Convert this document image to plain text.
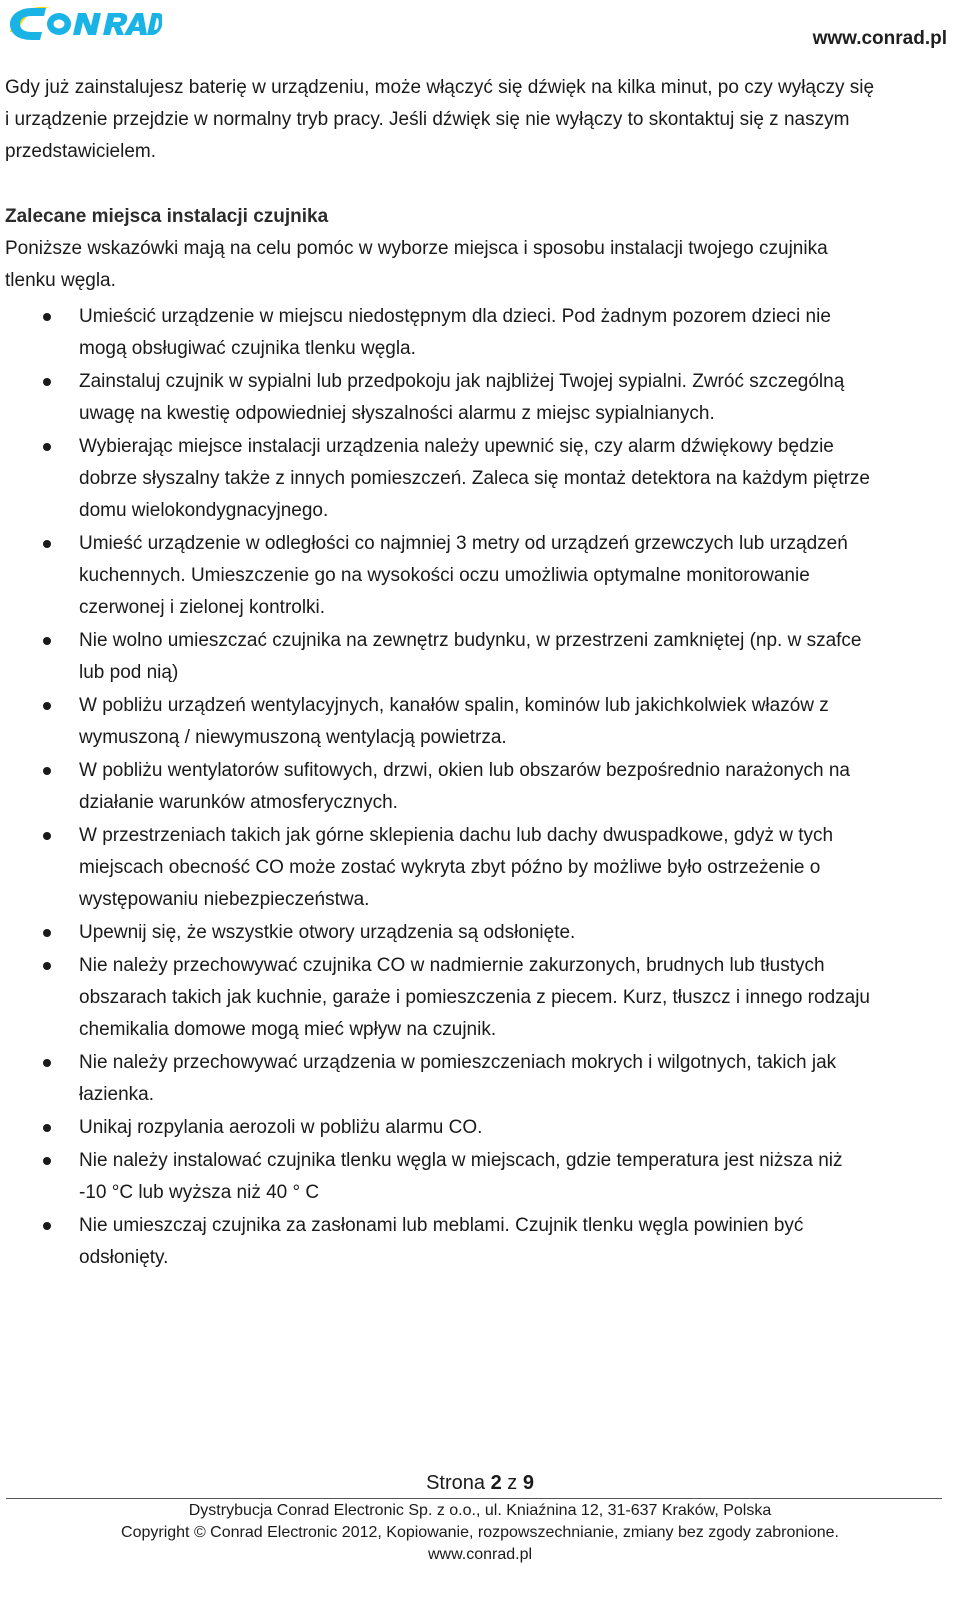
www.conrad.pl

Gdy już zainstalujesz baterię w urządzeniu, może włączyć się dźwięk na kilka minut, po czy wyłączy się

i urządzenie przejdzie w normalny tryb pracy. Jeśli dźwięk się nie wyłączy to skontaktuj się z naszym

przedstawicielem.

Zalecane miejsca instalacji czujnika

Poniższe wskazówki mają na celu pomóc w wyborze miejsca i sposobu instalacji twojego czujnika

tlenku węgla.

Umieścić urządzenie w miejscu niedostępnym dla dzieci. Pod żadnym pozorem dzieci nie
mogą obsługiwać czujnika tlenku węgla.
Zainstaluj czujnik w sypialni lub przedpokoju jak najbliżej Twojej sypialni. Zwróć szczególną
uwagę na kwestię odpowiedniej słyszalności alarmu z miejsc sypialnianych.
Wybierając miejsce instalacji urządzenia należy upewnić się, czy alarm dźwiękowy będzie
dobrze słyszalny także z innych pomieszczeń. Zaleca się montaż detektora na każdym piętrze
domu wielokondygnacyjnego.
Umieść urządzenie w odległości co najmniej 3 metry od urządzeń grzewczych lub urządzeń
kuchennych. Umieszczenie go na wysokości oczu umożliwia optymalne monitorowanie
czerwonej i zielonej kontrolki.
Nie wolno umieszczać czujnika na zewnętrz budynku, w przestrzeni zamkniętej (np. w szafce
lub pod nią)
W pobliżu urządzeń wentylacyjnych, kanałów spalin, kominów lub jakichkolwiek włazów z
wymuszoną / niewymuszoną wentylacją powietrza.
W pobliżu wentylatorów sufitowych, drzwi, okien lub obszarów bezpośrednio narażonych na
działanie warunków atmosferycznych.
W przestrzeniach takich jak górne sklepienia dachu lub dachy dwuspadkowe, gdyż w tych
miejscach obecność CO może zostać wykryta zbyt późno by możliwe było ostrzeżenie o
występowaniu niebezpieczeństwa.
Upewnij się, że wszystkie otwory urządzenia są odsłonięte.
Nie należy przechowywać czujnika CO w nadmiernie zakurzonych, brudnych lub tłustych
obszarach takich jak kuchnie, garaże i pomieszczenia z piecem. Kurz, tłuszcz i innego rodzaju
chemikalia domowe mogą mieć wpływ na czujnik.
Nie należy przechowywać urządzenia w pomieszczeniach mokrych i wilgotnych, takich jak
łazienka.
Unikaj rozpylania aerozoli w pobliżu alarmu CO.
Nie należy instalować czujnika tlenku węgla w miejscach, gdzie temperatura jest niższa niż
-10 °C lub wyższa niż 40 ° C
Nie umieszczaj czujnika za zasłonami lub meblami. Czujnik tlenku węgla powinien być
odsłonięty.
Strona 2 z 9
Dystrybucja Conrad Electronic Sp. z o.o., ul. Kniaźnina 12, 31-637 Kraków, Polska
Copyright © Conrad Electronic 2012, Kopiowanie, rozpowszechnianie, zmiany bez zgody zabronione.
www.conrad.pl
